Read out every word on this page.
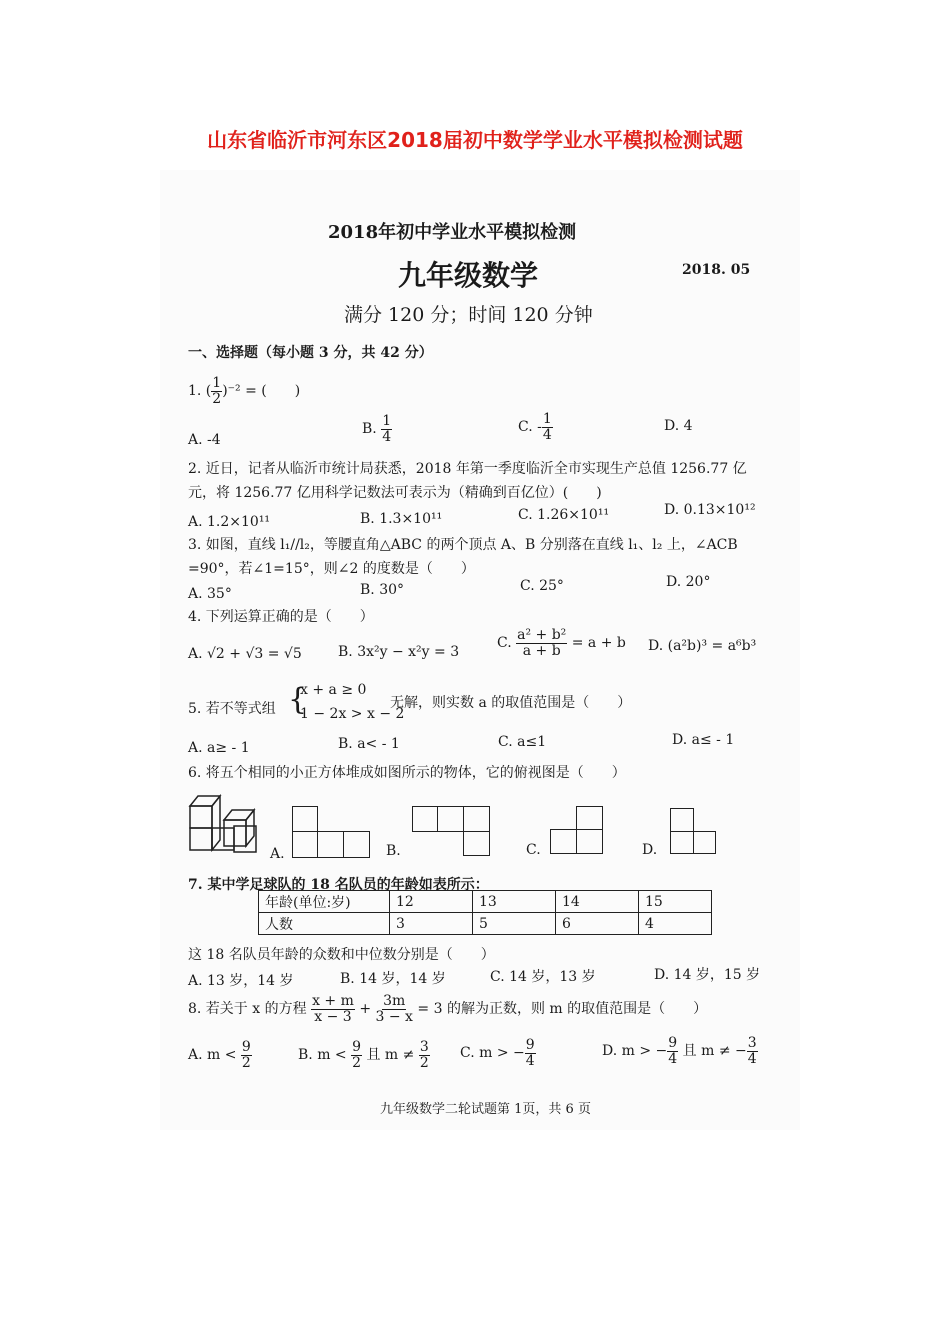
山东省临沂市河东区2018届初中数学学业水平模拟检测试题
2018年初中学业水平模拟检测
九年级数学	2018. 05
满分 120 分；时间 120 分钟
一、选择题（每小题 3 分，共 42 分）
1. ( $\frac{1}{2} )^{-2}$ = (　　)
A. -4
B. $\frac{1}{4}$	C. - $\frac{1}{4}$	D. 4
2. 近日，记者从临沂市统计局获悉，2018 年第一季度临沂全市实现生产总值 1256.77 亿
元，将 1256.77 亿用科学记数法可表示为（精确到百亿位）(　　)
A. 1.2×10¹¹	B. 1.3×10¹¹	C. 1.26×10¹¹	D. 0.13×10¹²
3. 如图，直线 l₁//l₂，等腰直角△ABC 的两个顶点 A、B 分别落在直线 l₁、l₂ 上，∠ACB
=90°，若∠1=15°，则∠2 的度数是（　　）
A. 35°	B. 30°	C. 25°	D. 20°
4. 下列运算正确的是（　　）
A. √2 + √3 = √5	B. 3x²y − x²y = 3
C. $\frac{\text{a² + b²}}{a + b} = a + b$ D. (a²b)³ = a⁶b³
5. 若不等式组 {
x + a ≥ 0
1 − 2x > x − 2
无解，则实数 a 的取值范围是（　　）
A. a≥ - 1	B. a< - 1	C. a≤1	D. a≤ - 1
6. 将五个相同的小正方体堆成如图所示的物体，它的俯视图是（　　）
A.	B.	C.	D.
7. 某中学足球队的 18 名队员的年龄如表所示：
年龄(单位:岁)	12	13	14	15
人数	3	5	6	4
这 18 名队员年龄的众数和中位数分别是（　　）
A. 13 岁，14 岁	B. 14 岁，14 岁	C. 14 岁，13 岁	D. 14 岁，15 岁
8. 若关于 x 的方程 $\frac{x + m}{x - 3} + \frac{3m}{3 - x} = 3$ 的解为正数，则 m 的取值范围是（　　）
A. $m < \frac{9}{2}$	B. $m < \frac{9}{2}$ 且 $m \ne \frac{3}{2} C$. m > − $\frac{9}{4}$	D. m > − $\frac{9}{4}$ 且 m ≠ − $\frac{3}{4}$
九年级数学二轮试题第 1页，共 6 页
